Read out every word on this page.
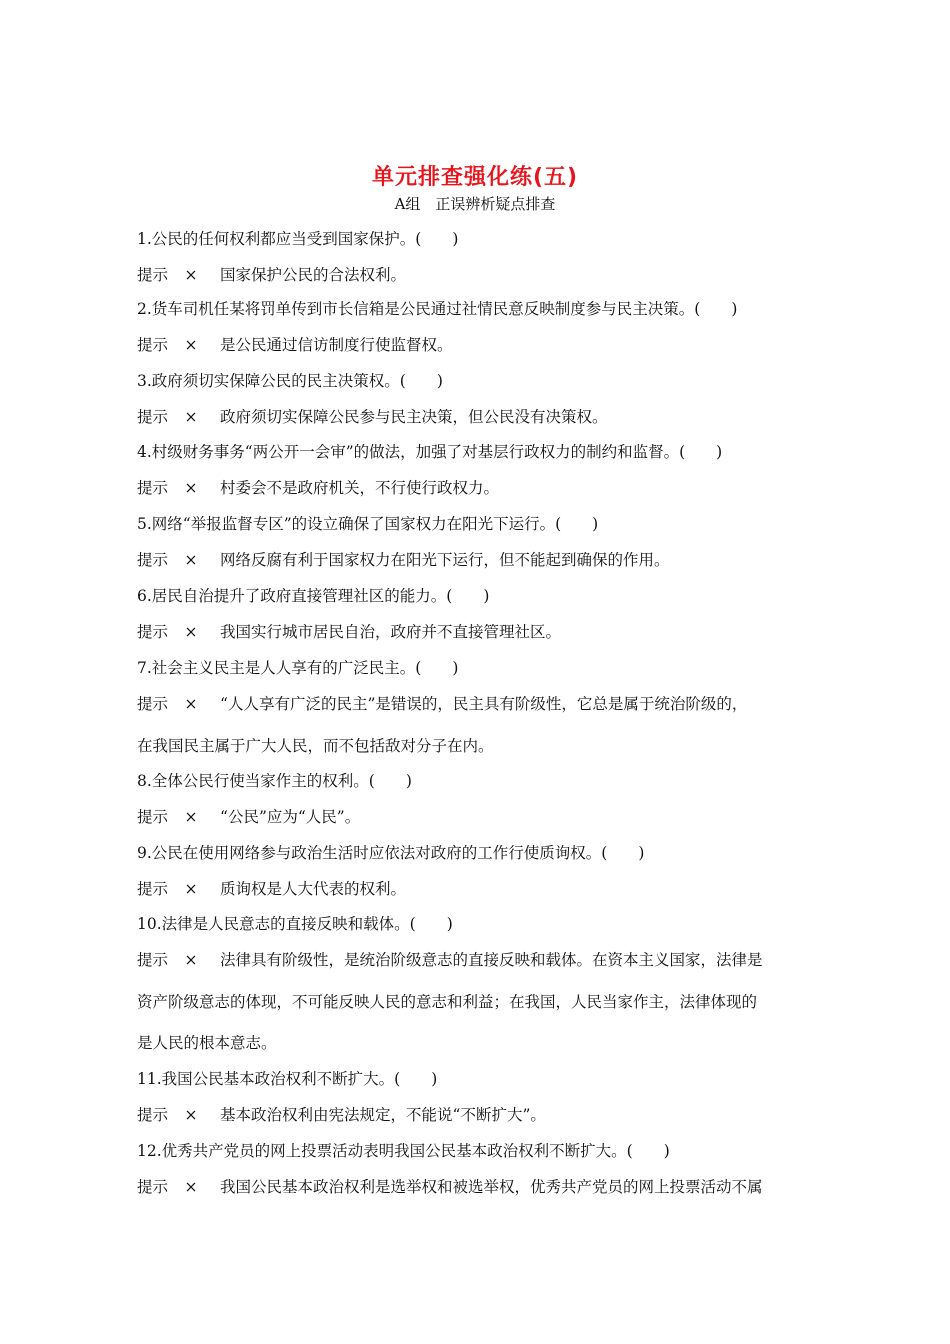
单元排查强化练(五)
A组　正误辨析疑点排查
1.公民的任何权利都应当受到国家保护。(　　)
提示 × 国家保护公民的合法权利。
2.货车司机任某将罚单传到市长信箱是公民通过社情民意反映制度参与民主决策。(　　)
提示 × 是公民通过信访制度行使监督权。
3.政府须切实保障公民的民主决策权。(　　)
提示 × 政府须切实保障公民参与民主决策，但公民没有决策权。
4.村级财务事务“两公开一会审”的做法，加强了对基层行政权力的制约和监督。(　　)
提示 × 村委会不是政府机关，不行使行政权力。
5.网络“举报监督专区”的设立确保了国家权力在阳光下运行。(　　)
提示 × 网络反腐有利于国家权力在阳光下运行，但不能起到确保的作用。
6.居民自治提升了政府直接管理社区的能力。(　　)
提示 × 我国实行城市居民自治，政府并不直接管理社区。
7.社会主义民主是人人享有的广泛民主。(　　)
提示 × “人人享有广泛的民主”是错误的，民主具有阶级性，它总是属于统治阶级的，
在我国民主属于广大人民，而不包括敌对分子在内。
8.全体公民行使当家作主的权利。(　　)
提示 × “公民”应为“人民”。
9.公民在使用网络参与政治生活时应依法对政府的工作行使质询权。(　　)
提示 × 质询权是人大代表的权利。
10.法律是人民意志的直接反映和载体。(　　)
提示 × 法律具有阶级性，是统治阶级意志的直接反映和载体。在资本主义国家，法律是
资产阶级意志的体现，不可能反映人民的意志和利益；在我国，人民当家作主，法律体现的
是人民的根本意志。
11.我国公民基本政治权利不断扩大。(　　)
提示 × 基本政治权利由宪法规定，不能说“不断扩大”。
12.优秀共产党员的网上投票活动表明我国公民基本政治权利不断扩大。(　　)
提示 × 我国公民基本政治权利是选举权和被选举权，优秀共产党员的网上投票活动不属
